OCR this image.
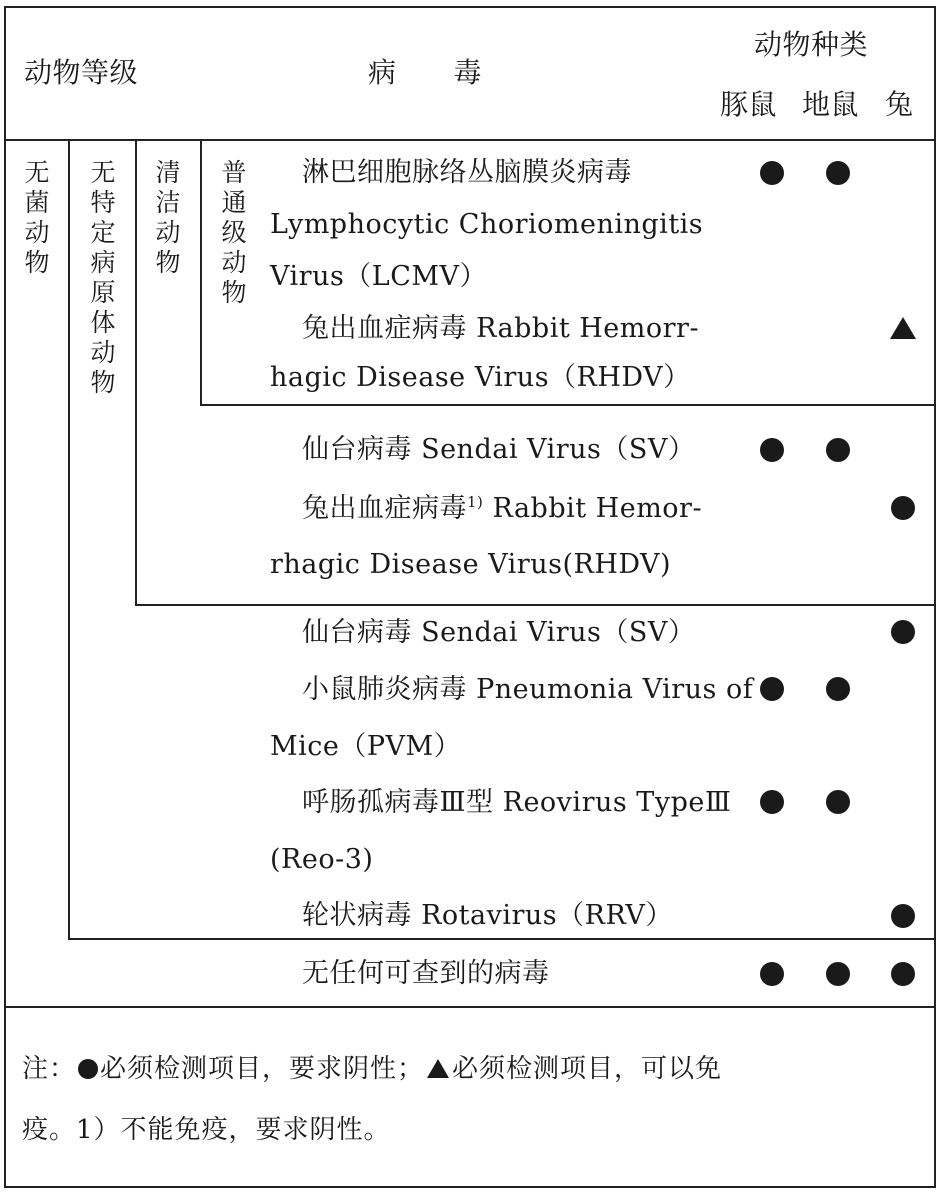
动物等级	病　　毒
动物种类
豚鼠 地鼠 兔
无
菌
动
物
无
特
定
病
原
体
动
物
清
洁
动
物
普
通
级
动
物
淋巴细胞脉络丛脑膜炎病毒
Lymphocytic Choriomeningitis
Virus（LCMV）
兔出血症病毒 Rabbit Hemorr-
hagic Disease Virus（RHDV）
仙台病毒 Sendai Virus（SV）
兔出血症病毒$^{1)}$ Rabbit Hemor-
rhagic Disease Virus(RHDV)
仙台病毒 Sendai Virus（SV）
小鼠肺炎病毒 Pneumonia Virus of
Mice（PVM）
呼肠孤病毒Ⅲ型 Reovirus TypeⅢ
(Reo-3)
轮状病毒 Rotavirus（RRV）
无任何可查到的病毒
注： 必须检测项目，要求阴性； 必须检测项目，可以免
疫。1）不能免疫，要求阴性。
